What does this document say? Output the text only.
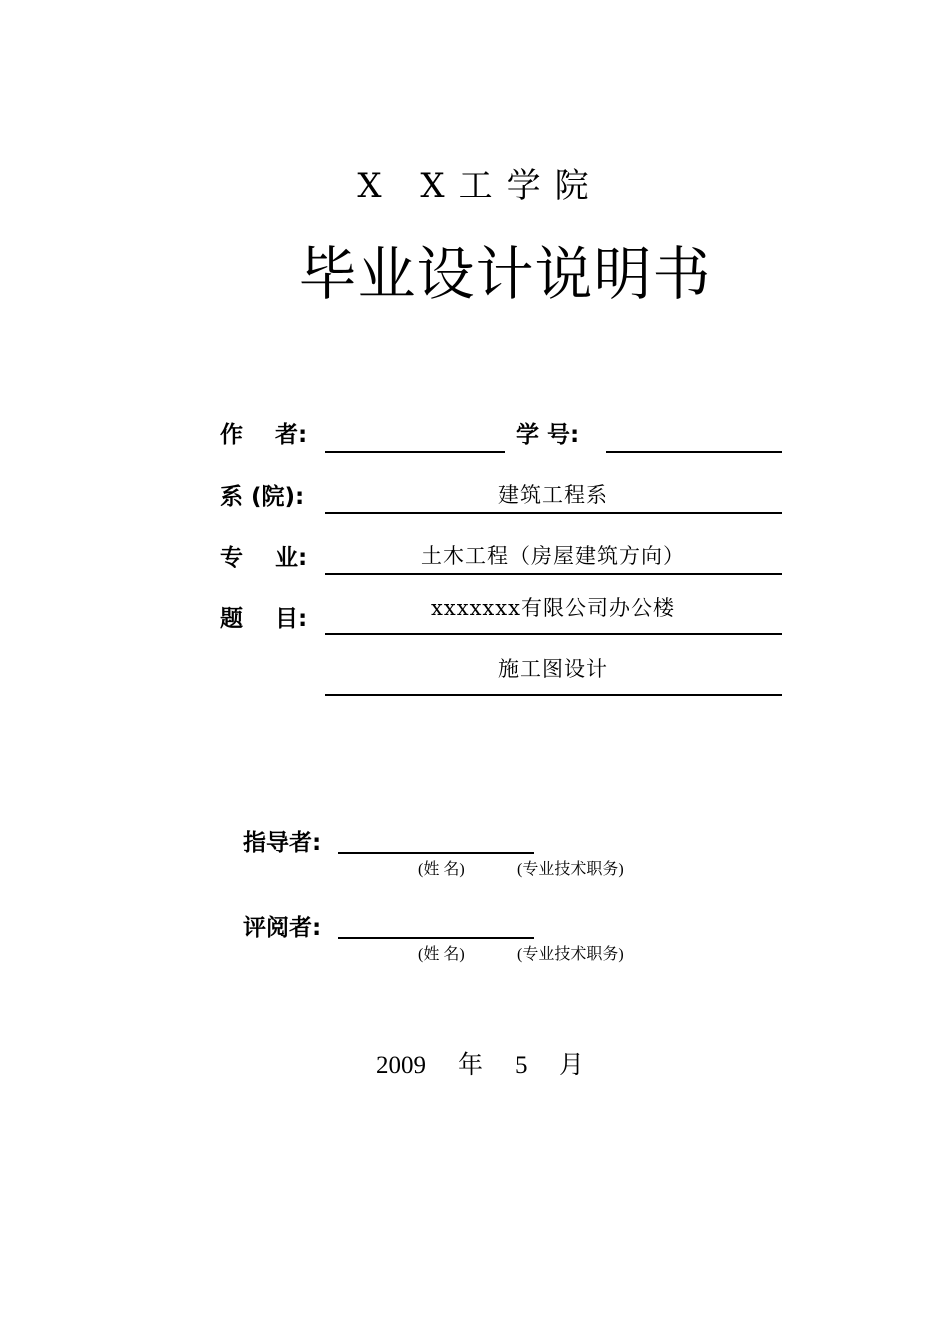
X X工学院
毕业设计说明书
作 者:	学 号:
系 (院):	建筑工程系
专 业:	土木工程（房屋建筑方向）
题 目:	xxxxxxx有限公司办公楼
施工图设计
指导者:
(姓 名)	(专业技术职务)
评阅者:
(姓 名)	(专业技术职务)
2009 年 5 月
